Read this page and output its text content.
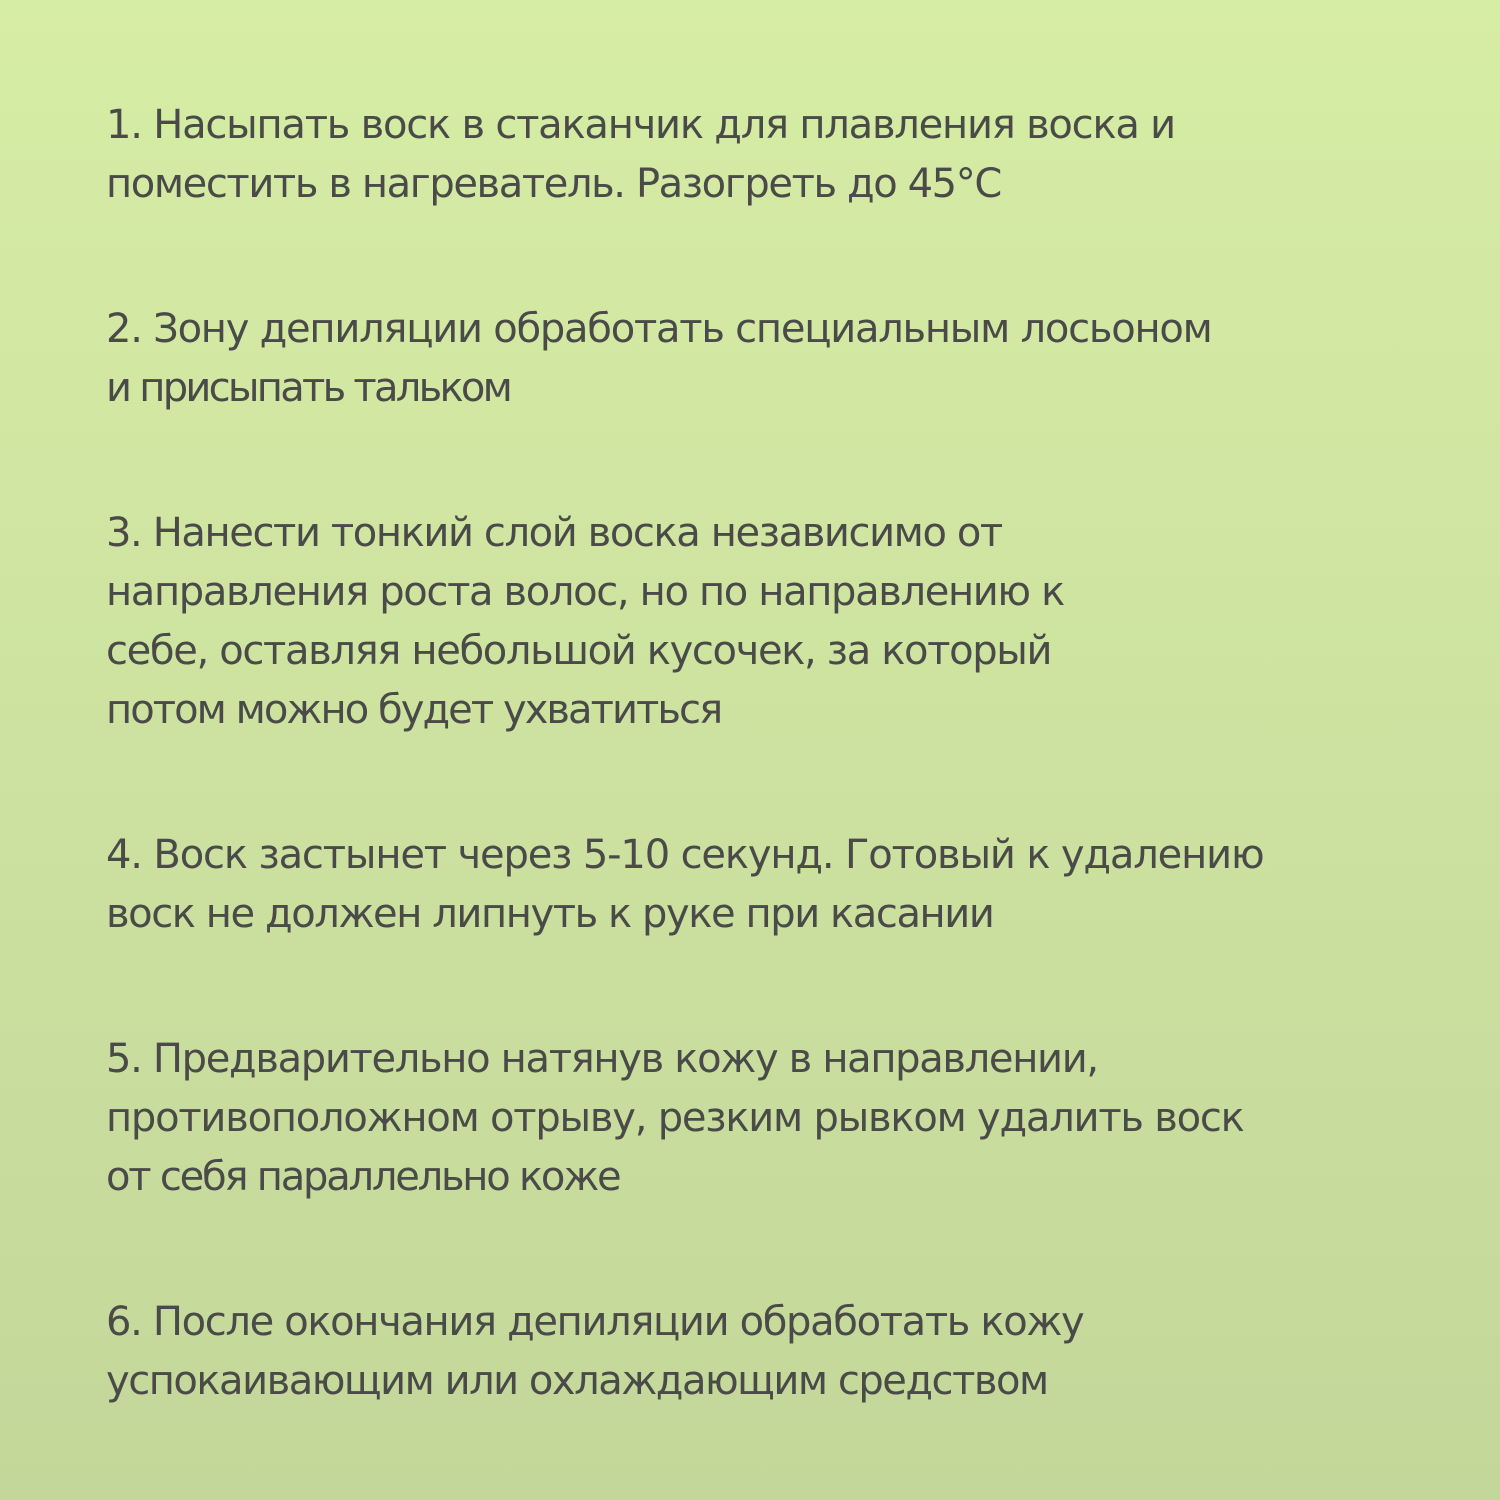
1. Насыпать воск в стаканчик для плавления воска и
поместить в нагреватель. Разогреть до 45°С

2. Зону депиляции обработать специальным лосьоном
и присыпать тальком

3. Нанести тонкий слой воска независимо от
направления роста волос, но по направлению к
себе, оставляя небольшой кусочек, за который
потом можно будет ухватиться

4. Воск застынет через 5-10 секунд. Готовый к удалению
воск не должен липнуть к руке при касании

5. Предварительно натянув кожу в направлении,
противоположном отрыву, резким рывком удалить воск
от себя параллельно коже

6. После окончания депиляции обработать кожу
успокаивающим или охлаждающим средством
